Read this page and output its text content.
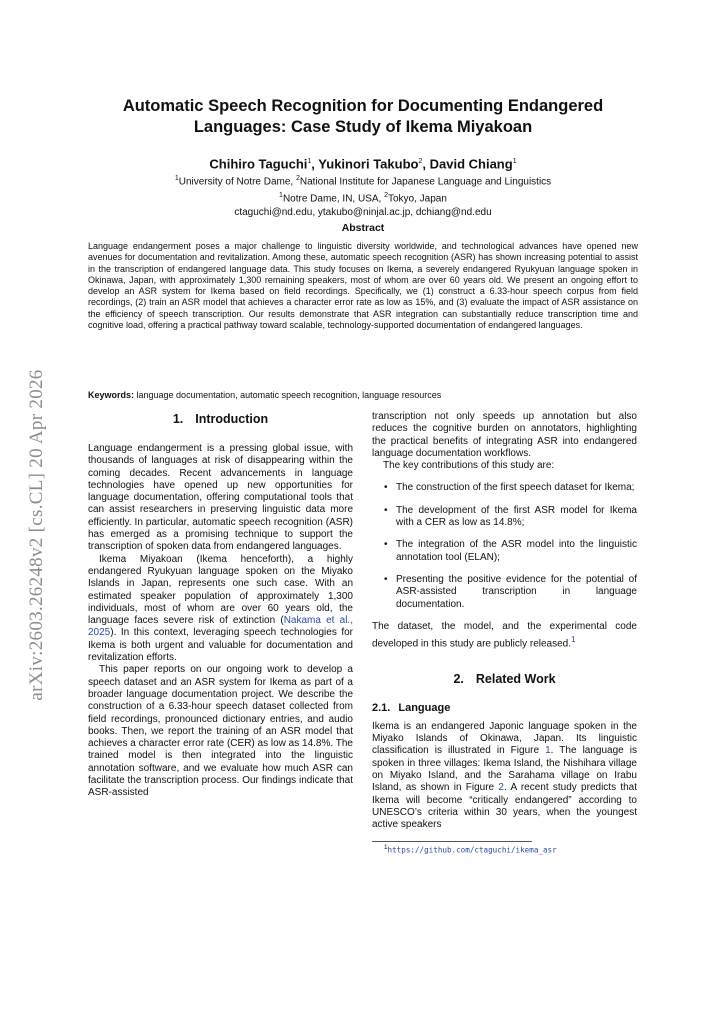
arXiv:2603.26248v2 [cs.CL] 20 Apr 2026
Automatic Speech Recognition for Documenting Endangered
Languages: Case Study of Ikema Miyakoan
Chihiro Taguchi$^1$, Yukinori Takubo$^2$, David Chiang$^1$
$^1$University of Notre Dame, $^2$National Institute for Japanese Language and Linguistics
$^1$Notre Dame, IN, USA, $^2$Tokyo, Japan
ctaguchi@nd.edu, ytakubo@ninjal.ac.jp, dchiang@nd.edu
Abstract
Language endangerment poses a major challenge to linguistic diversity worldwide, and technological advances have opened new avenues for documentation and revitalization. Among these, automatic speech recognition (ASR) has shown increasing potential to assist in the transcription of endangered language data. This study focuses on Ikema, a severely endangered Ryukyuan language spoken in Okinawa, Japan, with approximately 1,300 remaining speakers, most of whom are over 60 years old. We present an ongoing effort to develop an ASR system for Ikema based on field recordings. Specifically, we (1) construct a 6.33-hour speech corpus from field recordings, (2) train an ASR model that achieves a character error rate as low as 15%, and (3) evaluate the impact of ASR assistance on the efficiency of speech transcription. Our results demonstrate that ASR integration can substantially reduce transcription time and cognitive load, offering a practical pathway toward scalable, technology-supported documentation of endangered languages.
Keywords: language documentation, automatic speech recognition, language resources
1. Introduction

Language endangerment is a pressing global issue, with thousands of languages at risk of disappearing within the coming decades. Recent advancements in language technologies have opened up new opportunities for language documentation, offering computational tools that can assist researchers in preserving linguistic data more efficiently. In particular, automatic speech recognition (ASR) has emerged as a promising technique to support the transcription of spoken data from endangered languages.

Ikema Miyakoan (Ikema henceforth), a highly endangered Ryukyuan language spoken on the Miyako Islands in Japan, represents one such case. With an estimated speaker population of approximately 1,300 individuals, most of whom are over 60 years old, the language faces severe risk of extinction (Nakama et al., 2025). In this context, leveraging speech technologies for Ikema is both urgent and valuable for documentation and revitalization efforts.

This paper reports on our ongoing work to develop a speech dataset and an ASR system for Ikema as part of a broader language documentation project. We describe the construction of a 6.33-hour speech dataset collected from field recordings, pronounced dictionary entries, and audio books. Then, we report the training of an ASR model that achieves a character error rate (CER) as low as 14.8%. The trained model is then integrated into the linguistic annotation software, and we evaluate how much ASR can facilitate the transcription process. Our findings indicate that ASR-assisted

transcription not only speeds up annotation but also reduces the cognitive burden on annotators, highlighting the practical benefits of integrating ASR into endangered language documentation workflows.

The key contributions of this study are:

• The construction of the first speech dataset for Ikema;
• The development of the first ASR model for Ikema with a CER as low as 14.8%;
• The integration of the ASR model into the linguistic annotation tool (ELAN);
• Presenting the positive evidence for the potential of ASR-assisted transcription in language documentation.

The dataset, the model, and the experimental code developed in this study are publicly released.$^1$

2. Related Work
2.1. Language

Ikema is an endangered Japonic language spoken in the Miyako Islands of Okinawa, Japan. Its linguistic classification is illustrated in Figure 1. The language is spoken in three villages: Ikema Island, the Nishihara village on Miyako Island, and the Sarahama village on Irabu Island, as shown in Figure 2. A recent study predicts that Ikema will become “critically endangered” according to UNESCO’s criteria within 30 years, when the youngest active speakers

$^1$https://github.com/ctaguchi/ikema_asr
